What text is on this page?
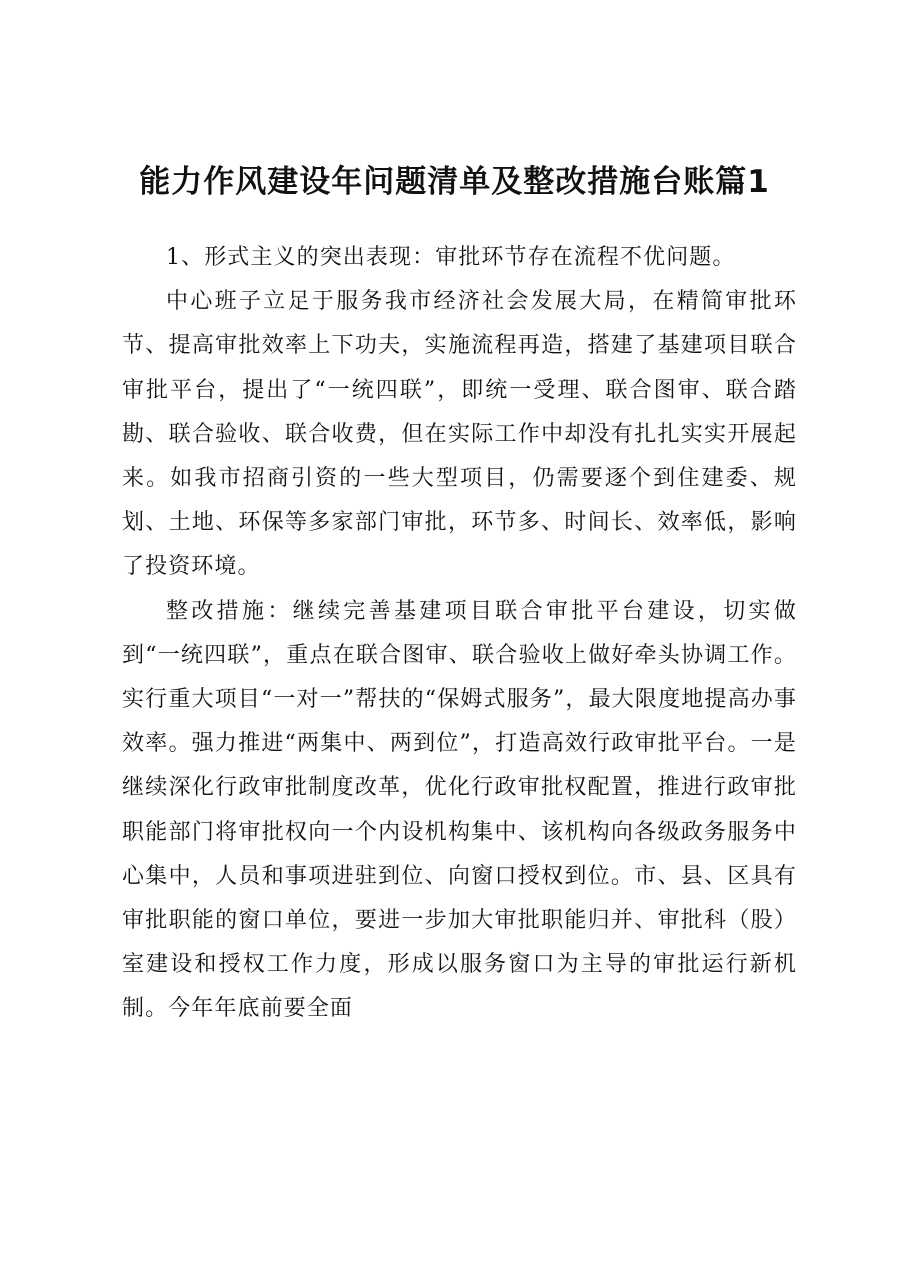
能力作风建设年问题清单及整改措施台账篇1

1、形式主义的突出表现：审批环节存在流程不优问题。

中心班子立足于服务我市经济社会发展大局，在精简审批环节、提高审批效率上下功夫，实施流程再造，搭建了基建项目联合审批平台，提出了“一统四联”，即统一受理、联合图审、联合踏勘、联合验收、联合收费，但在实际工作中却没有扎扎实实开展起来。如我市招商引资的一些大型项目，仍需要逐个到住建委、规划、土地、环保等多家部门审批，环节多、时间长、效率低，影响了投资环境。

整改措施：继续完善基建项目联合审批平台建设，切实做到“一统四联”，重点在联合图审、联合验收上做好牵头协调工作。实行重大项目“一对一”帮扶的“保姆式服务”，最大限度地提高办事效率。强力推进“两集中、两到位”，打造高效行政审批平台。一是继续深化行政审批制度改革，优化行政审批权配置，推进行政审批职能部门将审批权向一个内设机构集中、该机构向各级政务服务中心集中，人员和事项进驻到位、向窗口授权到位。市、县、区具有审批职能的窗口单位，要进一步加大审批职能归并、审批科（股）室建设和授权工作力度，形成以服务窗口为主导的审批运行新机制。今年年底前要全面
